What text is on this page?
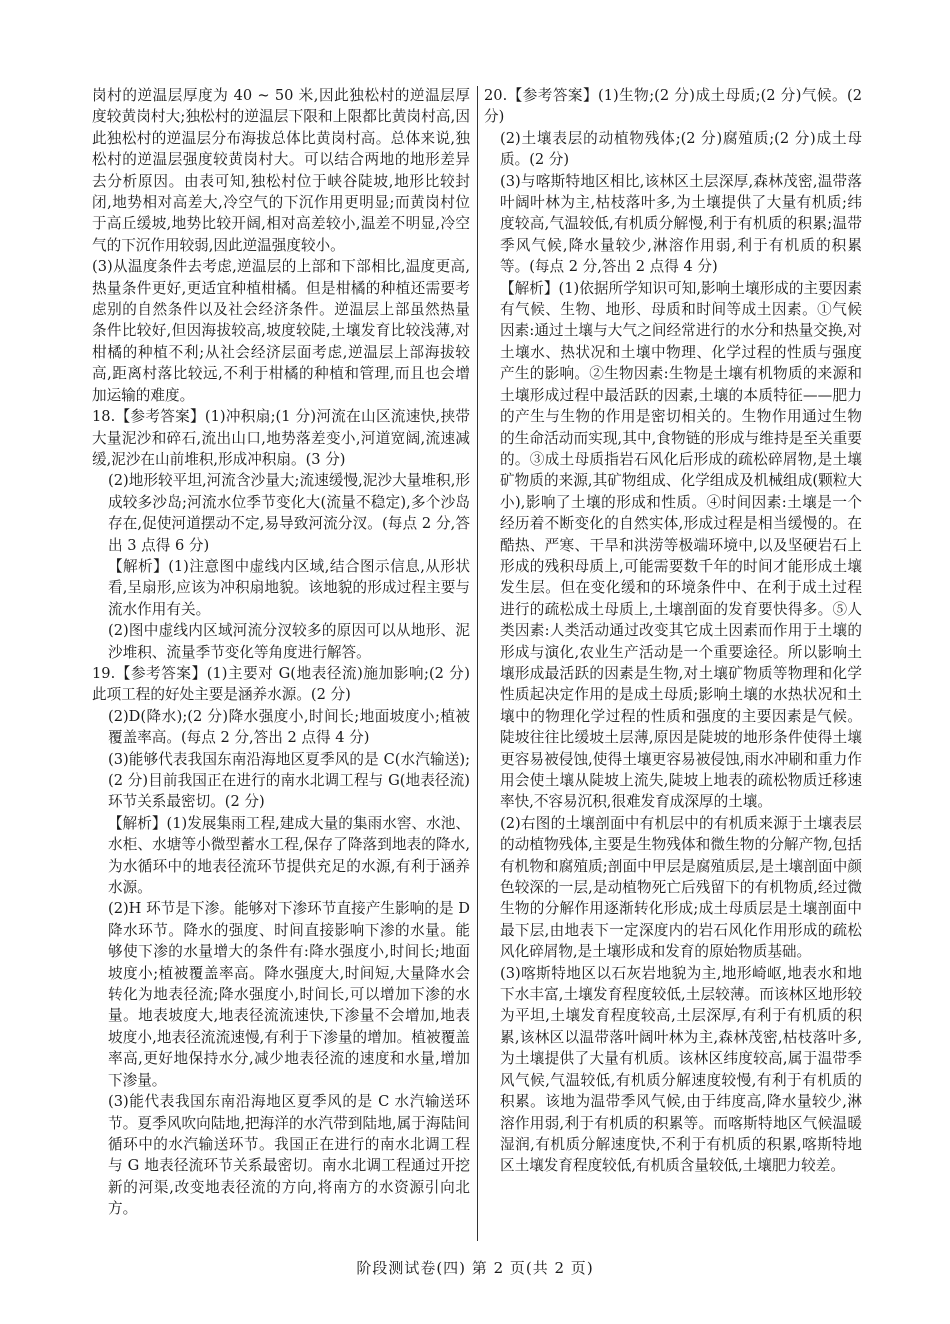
岗村的逆温层厚度为 40 ~ 50 米,因此独松村的逆温层厚度较黄岗村大;独松村的逆温层下限和上限都比黄岗村高,因此独松村的逆温层分布海拔总体比黄岗村高。总体来说,独松村的逆温层强度较黄岗村大。可以结合两地的地形差异去分析原因。由表可知,独松村位于峡谷陡坡,地形比较封闭,地势相对高差大,冷空气的下沉作用更明显;而黄岗村位于高丘缓坡,地势比较开阔,相对高差较小,温差不明显,冷空气的下沉作用较弱,因此逆温强度较小。

(3)从温度条件去考虑,逆温层的上部和下部相比,温度更高,热量条件更好,更适宜种植柑橘。但是柑橘的种植还需要考虑别的自然条件以及社会经济条件。逆温层上部虽然热量条件比较好,但因海拔较高,坡度较陡,土壤发育比较浅薄,对柑橘的种植不利;从社会经济层面考虑,逆温层上部海拔较高,距离村落比较远,不利于柑橘的种植和管理,而且也会增加运输的难度。

18.【参考答案】(1)冲积扇;(1 分)河流在山区流速快,挟带大量泥沙和碎石,流出山口,地势落差变小,河道宽阔,流速减缓,泥沙在山前堆积,形成冲积扇。(3 分)

(2)地形较平坦,河流含沙量大;流速缓慢,泥沙大量堆积,形成较多沙岛;河流水位季节变化大(流量不稳定),多个沙岛存在,促使河道摆动不定,易导致河流分汊。(每点 2 分,答出 3 点得 6 分)

【解析】(1)注意图中虚线内区域,结合图示信息,从形状看,呈扇形,应该为冲积扇地貌。该地貌的形成过程主要与流水作用有关。

(2)图中虚线内区域河流分汊较多的原因可以从地形、泥沙堆积、流量季节变化等角度进行解答。

19.【参考答案】(1)主要对 G(地表径流)施加影响;(2 分)此项工程的好处主要是涵养水源。(2 分)

(2)D(降水);(2 分)降水强度小,时间长;地面坡度小;植被覆盖率高。(每点 2 分,答出 2 点得 4 分)

(3)能够代表我国东南沿海地区夏季风的是 C(水汽输送);(2 分)目前我国正在进行的南水北调工程与 G(地表径流)环节关系最密切。(2 分)

【解析】(1)发展集雨工程,建成大量的集雨水窖、水池、水柜、水塘等小微型蓄水工程,保存了降落到地表的降水,为水循环中的地表径流环节提供充足的水源,有利于涵养水源。

(2)H 环节是下渗。能够对下渗环节直接产生影响的是 D 降水环节。降水的强度、时间直接影响下渗的水量。能够使下渗的水量增大的条件有:降水强度小,时间长;地面坡度小;植被覆盖率高。降水强度大,时间短,大量降水会转化为地表径流;降水强度小,时间长,可以增加下渗的水量。地表坡度大,地表径流流速快,下渗量不会增加,地表坡度小,地表径流流速慢,有利于下渗量的增加。植被覆盖率高,更好地保持水分,减少地表径流的速度和水量,增加下渗量。

(3)能代表我国东南沿海地区夏季风的是 C 水汽输送环节。夏季风吹向陆地,把海洋的水汽带到陆地,属于海陆间循环中的水汽输送环节。我国正在进行的南水北调工程与 G 地表径流环节关系最密切。南水北调工程通过开挖新的河渠,改变地表径流的方向,将南方的水资源引向北方。

20.【参考答案】(1)生物;(2 分)成土母质;(2 分)气候。(2 分)

(2)土壤表层的动植物残体;(2 分)腐殖质;(2 分)成土母质。(2 分)

(3)与喀斯特地区相比,该林区土层深厚,森林茂密,温带落叶阔叶林为主,枯枝落叶多,为土壤提供了大量有机质;纬度较高,气温较低,有机质分解慢,利于有机质的积累;温带季风气候,降水量较少,淋溶作用弱,利于有机质的积累等。(每点 2 分,答出 2 点得 4 分)

【解析】(1)依据所学知识可知,影响土壤形成的主要因素有气候、生物、地形、母质和时间等成土因素。①气候因素:通过土壤与大气之间经常进行的水分和热量交换,对土壤水、热状况和土壤中物理、化学过程的性质与强度产生的影响。②生物因素:生物是土壤有机物质的来源和土壤形成过程中最活跃的因素,土壤的本质特征——肥力的产生与生物的作用是密切相关的。生物作用通过生物的生命活动而实现,其中,食物链的形成与维持是至关重要的。③成土母质指岩石风化后形成的疏松碎屑物,是土壤矿物质的来源,其矿物组成、化学组成及机械组成(颗粒大小),影响了土壤的形成和性质。④时间因素:土壤是一个经历着不断变化的自然实体,形成过程是相当缓慢的。在酷热、严寒、干旱和洪涝等极端环境中,以及坚硬岩石上形成的残积母质上,可能需要数千年的时间才能形成土壤发生层。但在变化缓和的环境条件中、在利于成土过程进行的疏松成土母质上,土壤剖面的发育要快得多。⑤人类因素:人类活动通过改变其它成土因素而作用于土壤的形成与演化,农业生产活动是一个重要途径。所以影响土壤形成最活跃的因素是生物,对土壤矿物质等物理和化学性质起决定作用的是成土母质;影响土壤的水热状况和土壤中的物理化学过程的性质和强度的主要因素是气候。陡坡往往比缓坡土层薄,原因是陡坡的地形条件使得土壤更容易被侵蚀,使得土壤更容易被侵蚀,雨水冲刷和重力作用会使土壤从陡坡上流失,陡坡上地表的疏松物质迁移速率快,不容易沉积,很难发育成深厚的土壤。

(2)右图的土壤剖面中有机层中的有机质来源于土壤表层的动植物残体,主要是生物残体和微生物的分解产物,包括有机物和腐殖质;剖面中甲层是腐殖质层,是土壤剖面中颜色较深的一层,是动植物死亡后残留下的有机物质,经过微生物的分解作用逐渐转化形成;成土母质层是土壤剖面中最下层,由地表下一定深度内的岩石风化作用形成的疏松风化碎屑物,是土壤形成和发育的原始物质基础。

(3)喀斯特地区以石灰岩地貌为主,地形崎岖,地表水和地下水丰富,土壤发育程度较低,土层较薄。而该林区地形较为平坦,土壤发育程度较高,土层深厚,有利于有机质的积累,该林区以温带落叶阔叶林为主,森林茂密,枯枝落叶多,为土壤提供了大量有机质。该林区纬度较高,属于温带季风气候,气温较低,有机质分解速度较慢,有利于有机质的积累。该地为温带季风气候,由于纬度高,降水量较少,淋溶作用弱,利于有机质的积累等。而喀斯特地区气候温暖湿润,有机质分解速度快,不利于有机质的积累,喀斯特地区土壤发育程度较低,有机质含量较低,土壤肥力较差。

阶段测试卷(四) 第 2 页(共 2 页)
